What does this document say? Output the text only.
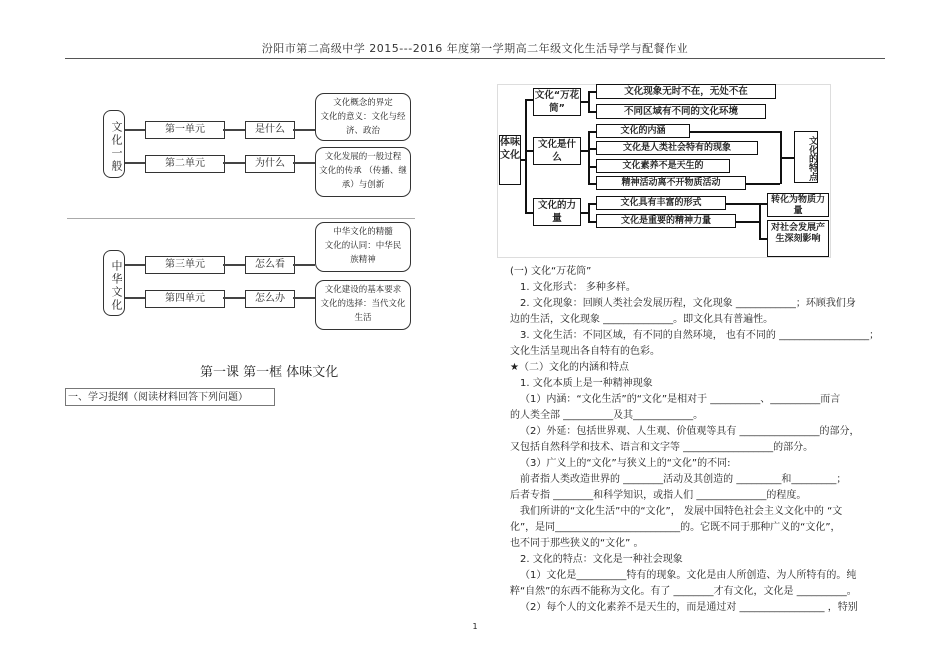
汾阳市第二高级中学 2015---2016 年度第一学期高二年级文化生活导学与配餐作业
文化一般	第一单元	是什么
文化概念的界定
文化的意义：文化与经
济、政治
第二单元	为什么
文化发展的一般过程
文化的传承 （传播、继
承）与创新
中华文化	第三单元	怎么看
中华文化的精髓
文化的认同：中华民
族精神
第四单元	怎么办
文化建设的基本要求
文化的选择：当代文化
生活
第一课 第一框 体味文化
一、学习提纲（阅读材料回答下列问题）
体味文化
文化“万花筒”
文化现象无时不在，无处不在
不同区域有不同的文化环境
文化是什么
文化的内涵
文化是人类社会特有的现象
文化素养不是天生的
精神活动离不开物质活动
文化的特点
文化的力量
文化具有丰富的形式
文化是重要的精神力量
转化为物质力量
对社会发展产生深刻影响

(一) 文化“万花筒”

1. 文化形式： 多种多样。

2. 文化现象：回顾人类社会发展历程，文化现象 ____________；环顾我们身

边的生活，文化现象 ______________。即文化具有普遍性。

3. 文化生活：不同区域，有不同的自然环境， 也有不同的 __________________；

文化生活呈现出各自特有的色彩。

★（二）文化的内涵和特点

1. 文化本质上是一种精神现象

（1）内涵：“文化生活”的“文化”是相对于 __________、__________而言

的人类全部 __________及其____________。

（2）外延：包括世界观、人生观、价值观等具有 ________________的部分，

又包括自然科学和技术、语言和文字等 __________________的部分。

（3）广义上的“文化”与狭义上的“文化”的不同:

前者指人类改造世界的 ________活动及其创造的 _________和_________；

后者专指 ________和科学知识，或指人们 ______________的程度。

我们所讲的“文化生活”中的“文化”， 发展中国特色社会主义文化中的 “文

化”，是同_________________________的。它既不同于那种广义的“文化”，

也不同于那些狭义的“文化” 。

2. 文化的特点：文化是一种社会现象

（1）文化是__________特有的现象。文化是由人所创造、为人所特有的。纯

粹“自然”的东西不能称为文化。有了 ________才有文化，文化是 __________。

（2）每个人的文化素养不是天生的，而是通过对 _________________ ，特别

1
